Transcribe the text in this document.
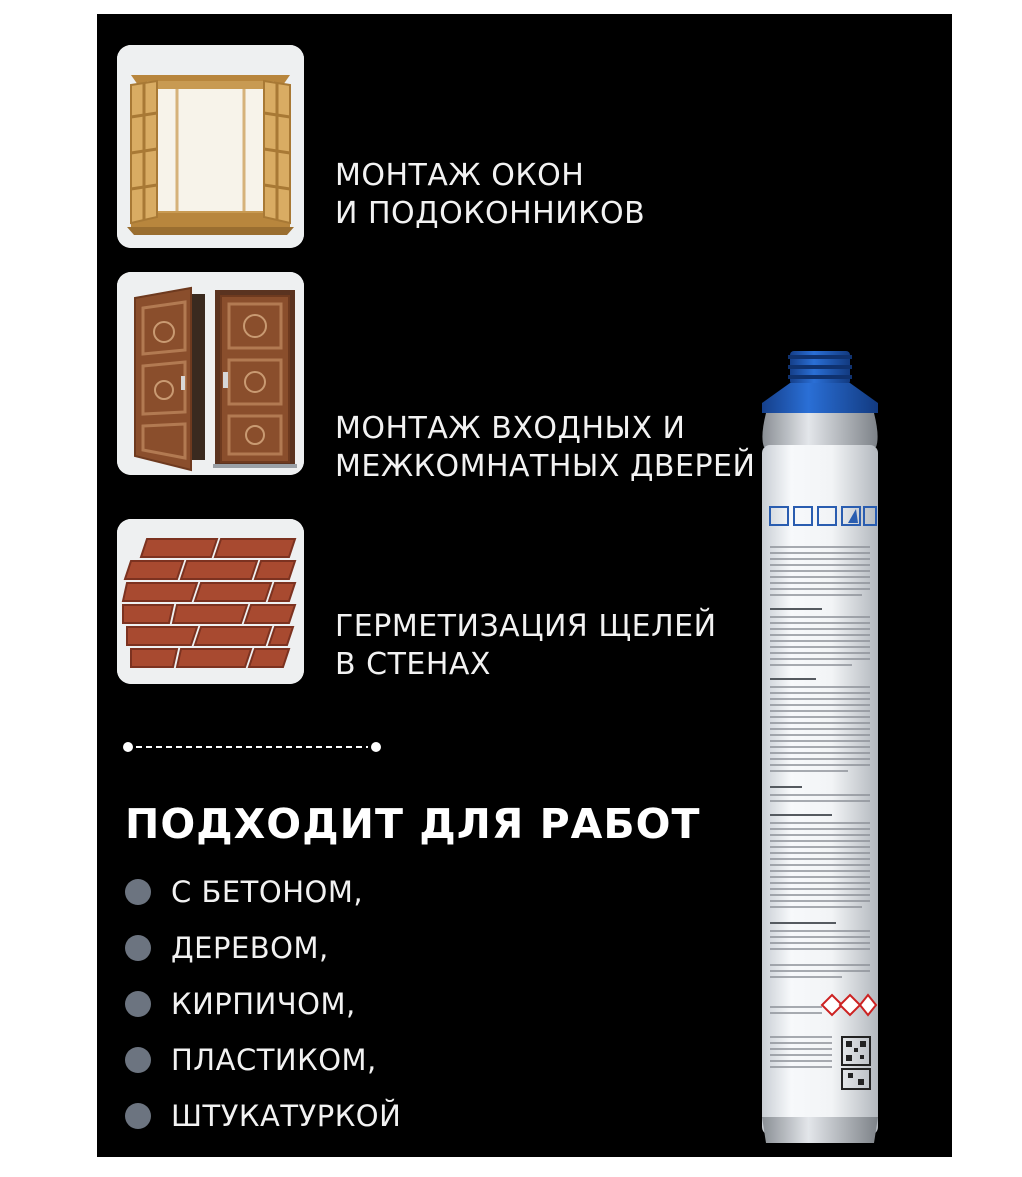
МОНТАЖ ОКОН
И ПОДОКОННИКОВ
МОНТАЖ ВХОДНЫХ И
МЕЖКОМНАТНЫХ ДВЕРЕЙ
ГЕРМЕТИЗАЦИЯ ЩЕЛЕЙ
В СТЕНАХ
ПОДХОДИТ ДЛЯ РАБОТ
С БЕТОНОМ,
ДЕРЕВОМ,
КИРПИЧОМ,
ПЛАСТИКОМ,
ШТУКАТУРКОЙ
